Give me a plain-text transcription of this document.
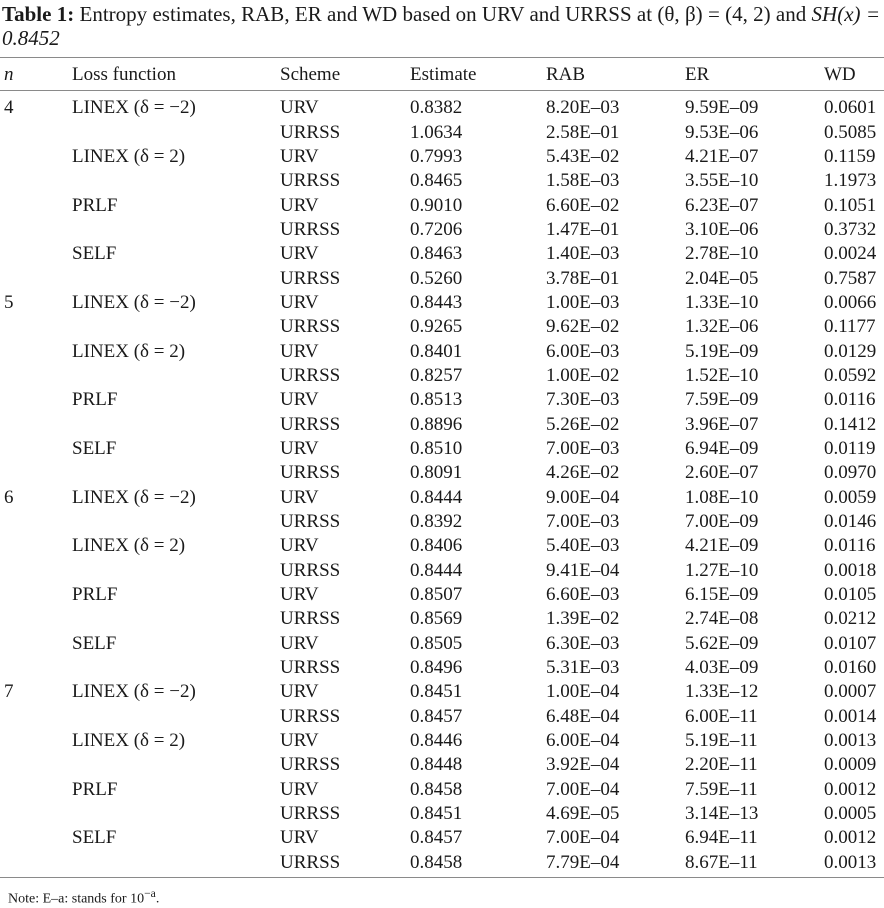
Table 1: Entropy estimates, RAB, ER and WD based on URV and URRSS at (θ, β) = (4, 2) and SH(x) = 0.8452
n	Loss function	Scheme	Estimate	RAB	ER	WD
4	LINEX (δ = −2)	URV	0.8382	8.20E–03	9.59E–09	0.0601
		URRSS	1.0634	2.58E–01	9.53E–06	0.5085
	LINEX (δ = 2)	URV	0.7993	5.43E–02	4.21E–07	0.1159
		URRSS	0.8465	1.58E–03	3.55E–10	1.1973
	PRLF	URV	0.9010	6.60E–02	6.23E–07	0.1051
		URRSS	0.7206	1.47E–01	3.10E–06	0.3732
	SELF	URV	0.8463	1.40E–03	2.78E–10	0.0024
		URRSS	0.5260	3.78E–01	2.04E–05	0.7587
5	LINEX (δ = −2)	URV	0.8443	1.00E–03	1.33E–10	0.0066
		URRSS	0.9265	9.62E–02	1.32E–06	0.1177
	LINEX (δ = 2)	URV	0.8401	6.00E–03	5.19E–09	0.0129
		URRSS	0.8257	1.00E–02	1.52E–10	0.0592
	PRLF	URV	0.8513	7.30E–03	7.59E–09	0.0116
		URRSS	0.8896	5.26E–02	3.96E–07	0.1412
	SELF	URV	0.8510	7.00E–03	6.94E–09	0.0119
		URRSS	0.8091	4.26E–02	2.60E–07	0.0970
6	LINEX (δ = −2)	URV	0.8444	9.00E–04	1.08E–10	0.0059
		URRSS	0.8392	7.00E–03	7.00E–09	0.0146
	LINEX (δ = 2)	URV	0.8406	5.40E–03	4.21E–09	0.0116
		URRSS	0.8444	9.41E–04	1.27E–10	0.0018
	PRLF	URV	0.8507	6.60E–03	6.15E–09	0.0105
		URRSS	0.8569	1.39E–02	2.74E–08	0.0212
	SELF	URV	0.8505	6.30E–03	5.62E–09	0.0107
		URRSS	0.8496	5.31E–03	4.03E–09	0.0160
7	LINEX (δ = −2)	URV	0.8451	1.00E–04	1.33E–12	0.0007
		URRSS	0.8457	6.48E–04	6.00E–11	0.0014
	LINEX (δ = 2)	URV	0.8446	6.00E–04	5.19E–11	0.0013
		URRSS	0.8448	3.92E–04	2.20E–11	0.0009
	PRLF	URV	0.8458	7.00E–04	7.59E–11	0.0012
		URRSS	0.8451	4.69E–05	3.14E–13	0.0005
	SELF	URV	0.8457	7.00E–04	6.94E–11	0.0012
		URRSS	0.8458	7.79E–04	8.67E–11	0.0013
Note: E–a: stands for $10^{-a}$.
